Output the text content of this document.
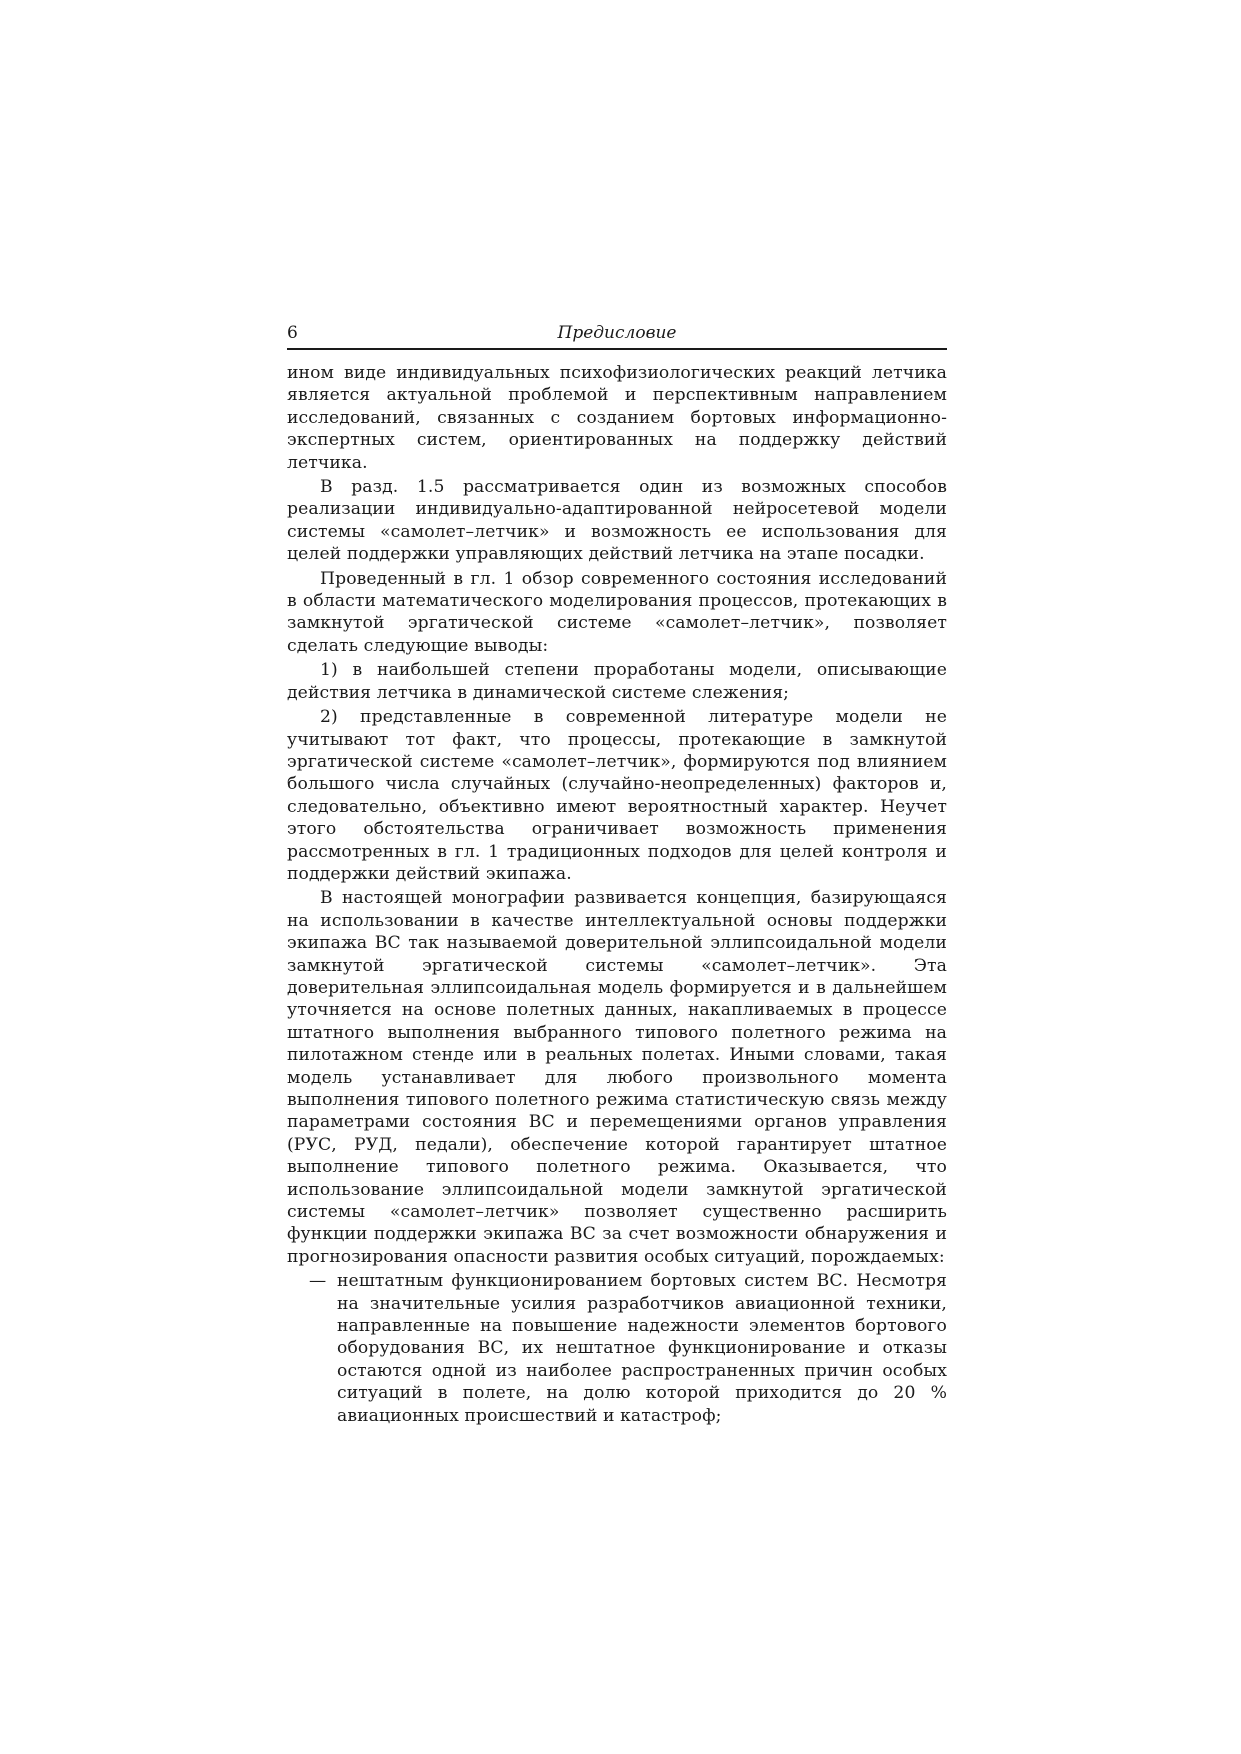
6	Предисловие

ином виде индивидуальных психофизиологических реакций летчика является актуальной проблемой и перспективным направлением исследований, связанных с созданием бортовых информационно-экспертных систем, ориентированных на поддержку действий летчика.

В разд. 1.5 рассматривается один из возможных способов реализации индивидуально-адаптированной нейросетевой модели системы «самолет–летчик» и возможность ее использования для целей поддержки управляющих действий летчика на этапе посадки.

Проведенный в гл. 1 обзор современного состояния исследований в области математического моделирования процессов, протекающих в замкнутой эргатической системе «самолет–летчик», позволяет сделать следующие выводы:

1) в наибольшей степени проработаны модели, описывающие действия летчика в динамической системе слежения;

2) представленные в современной литературе модели не учитывают тот факт, что процессы, протекающие в замкнутой эргатической системе «самолет–летчик», формируются под влиянием большого числа случайных (случайно-неопределенных) факторов и, следовательно, объективно имеют вероятностный характер. Неучет этого обстоятельства ограничивает возможность применения рассмотренных в гл. 1 традиционных подходов для целей контроля и поддержки действий экипажа.

В настоящей монографии развивается концепция, базирующаяся на использовании в качестве интеллектуальной основы поддержки экипажа ВС так называемой доверительной эллипсоидальной модели замкнутой эргатической системы «самолет–летчик». Эта доверительная эллипсоидальная модель формируется и в дальнейшем уточняется на основе полетных данных, накапливаемых в процессе штатного выполнения выбранного типового полетного режима на пилотажном стенде или в реальных полетах. Иными словами, такая модель устанавливает для любого произвольного момента выполнения типового полетного режима статистическую связь между параметрами состояния ВС и перемещениями органов управления (РУС, РУД, педали), обеспечение которой гарантирует штатное выполнение типового полетного режима. Оказывается, что использование эллипсоидальной модели замкнутой эргатической системы «самолет–летчик» позволяет существенно расширить функции поддержки экипажа ВС за счет возможности обнаружения и прогнозирования опасности развития особых ситуаций, порождаемых:

— нештатным функционированием бортовых систем ВС. Несмотря на значительные усилия разработчиков авиационной техники, направленные на повышение надежности элементов бортового оборудования ВС, их нештатное функционирование и отказы остаются одной из наиболее распространенных причин особых ситуаций в полете, на долю которой приходится до 20 % авиационных происшествий и катастроф;
